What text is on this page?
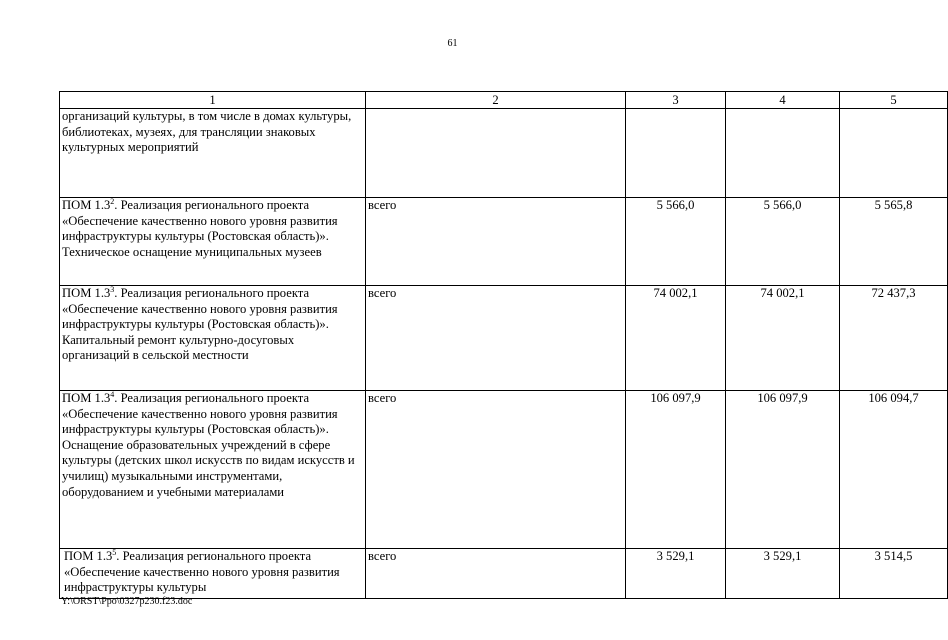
61
1	2	3	4	5
организаций культуры, в том числе в домах культуры, библиотеках, музеях, для трансляции знаковых культурных мероприятий				
ПОМ $1.3^2$. Реализация регионального проекта «Обеспечение качественно нового уровня развития инфраструктуры культуры (Ростовская область)». Техническое оснащение муниципальных музеев	всего	5 566,0	5 566,0	5 565,8
ПОМ $1.3^3$. Реализация регионального проекта «Обеспечение качественно нового уровня развития инфраструктуры культуры (Ростовская область)». Капитальный ремонт культурно-досуговых организаций в сельской местности	всего	74 002,1	74 002,1	72 437,3
ПОМ $1.3^4$. Реализация регионального проекта «Обеспечение качественно нового уровня развития инфраструктуры культуры (Ростовская область)». Оснащение образовательных учреждений в сфере культуры (детских школ искусств по видам искусств и училищ) музыкальными инструментами, оборудованием и учебными материалами	всего	106 097,9	106 097,9	106 094,7

ПОМ $1.3^5$. Реализация регионального проекта «Обеспечение качественно нового уровня развития инфраструктуры культуры	всего	3 529,1	3 529,1	3 514,5
Y:\ORST\Ppo\0327p230.f23.doc
